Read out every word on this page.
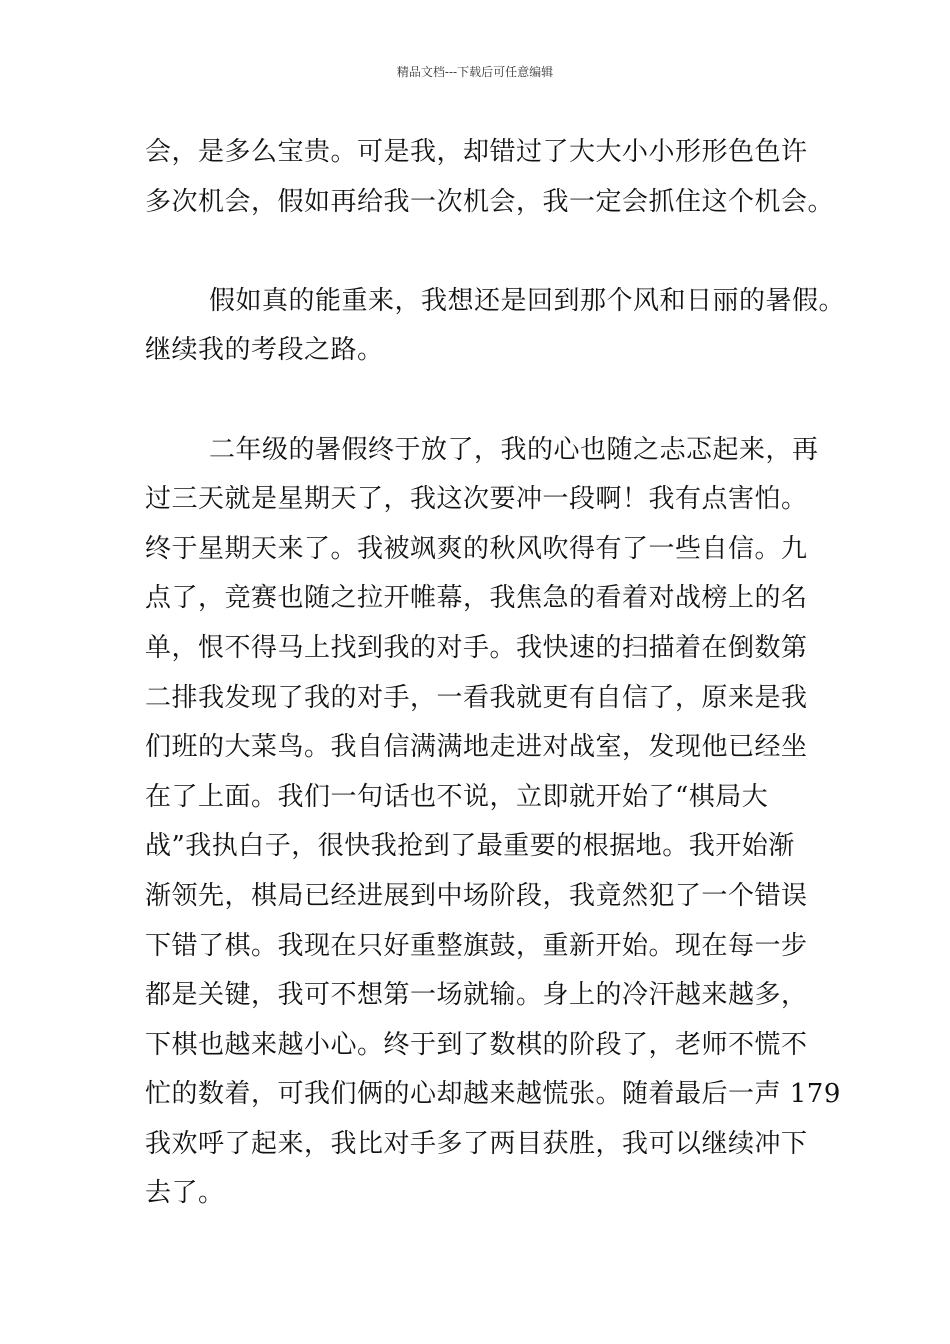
精品文档---下载后可任意编辑
会，是多么宝贵。可是我，却错过了大大小小形形色色许
多次机会，假如再给我一次机会，我一定会抓住这个机会。
假如真的能重来，我想还是回到那个风和日丽的暑假。
继续我的考段之路。
二年级的暑假终于放了，我的心也随之忐忑起来，再
过三天就是星期天了，我这次要冲一段啊！我有点害怕。
终于星期天来了。我被飒爽的秋风吹得有了一些自信。九
点了，竞赛也随之拉开帷幕，我焦急的看着对战榜上的名
单，恨不得马上找到我的对手。我快速的扫描着在倒数第
二排我发现了我的对手，一看我就更有自信了，原来是我
们班的大菜鸟。我自信满满地走进对战室，发现他已经坐
在了上面。我们一句话也不说，立即就开始了“棋局大
战”我执白子，很快我抢到了最重要的根据地。我开始渐
渐领先，棋局已经进展到中场阶段，我竟然犯了一个错误
下错了棋。我现在只好重整旗鼓，重新开始。现在每一步
都是关键，我可不想第一场就输。身上的冷汗越来越多，
下棋也越来越小心。终于到了数棋的阶段了，老师不慌不
忙的数着，可我们俩的心却越来越慌张。随着最后一声 179
我欢呼了起来，我比对手多了两目获胜，我可以继续冲下
去了。
